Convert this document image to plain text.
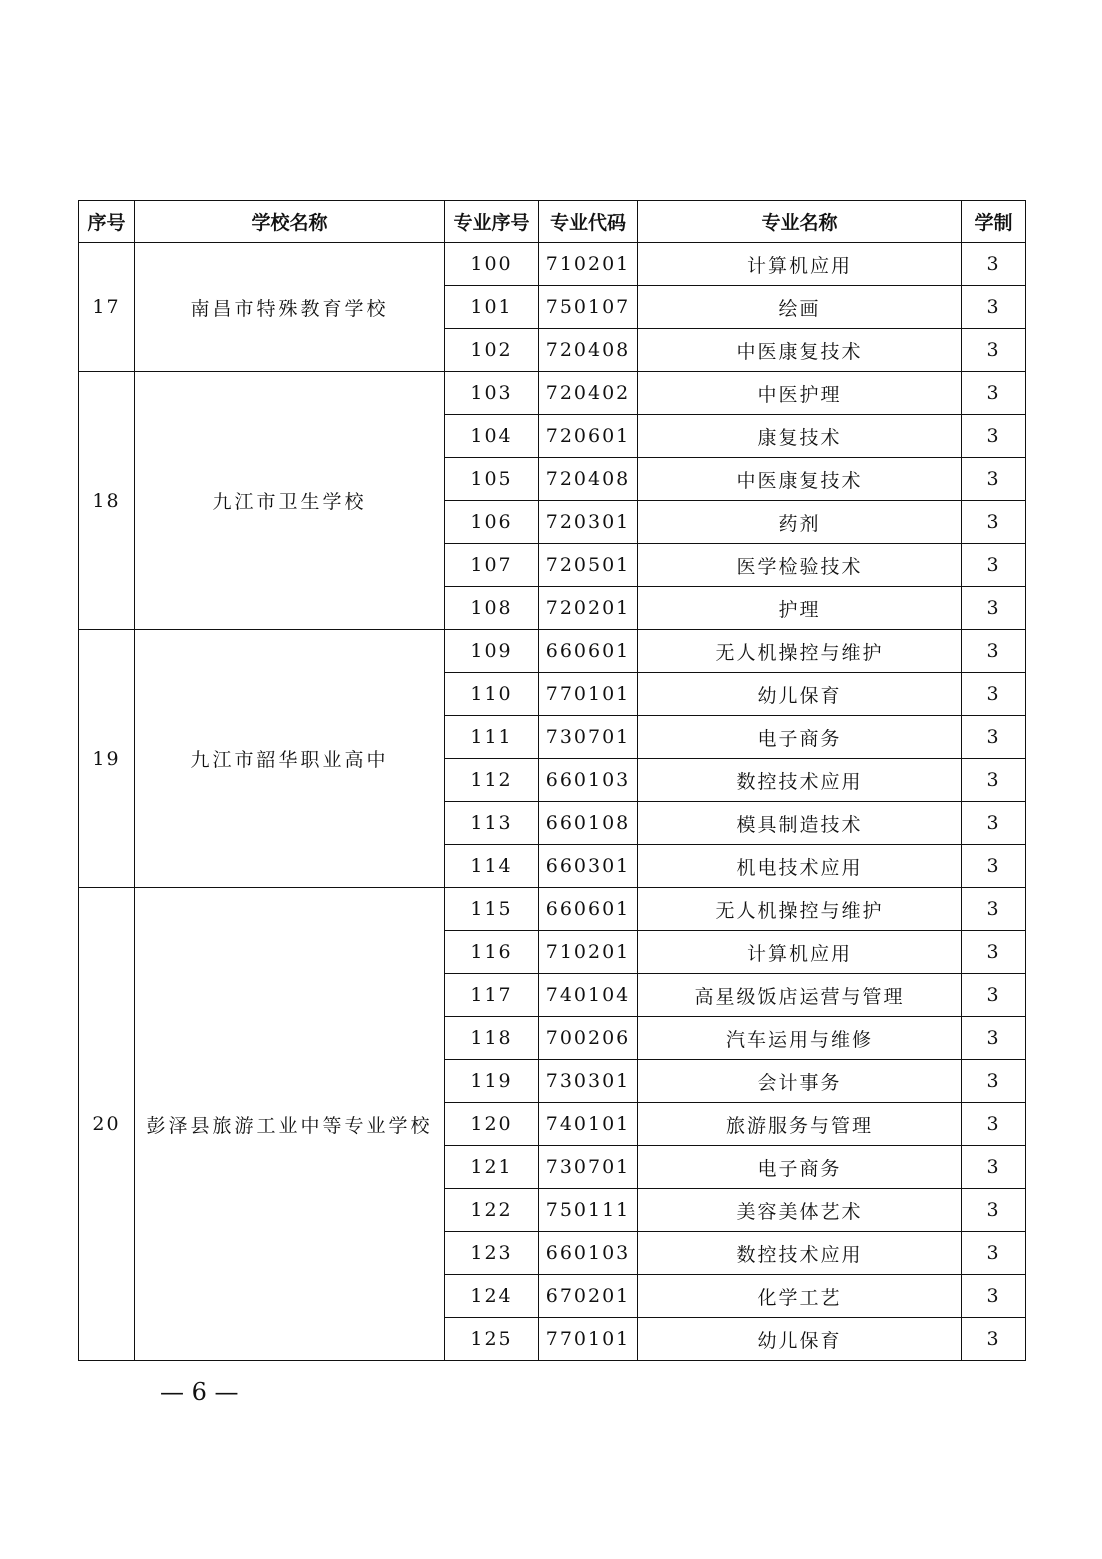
序号	学校名称	专业序号	专业代码	专业名称	学制
17	南昌市特殊教育学校	100	710201	计算机应用	3
		101	750107	绘画	3
		102	720408	中医康复技术	3
18	九江市卫生学校	103	720402	中医护理	3
		104	720601	康复技术	3
		105	720408	中医康复技术	3
		106	720301	药剂	3
		107	720501	医学检验技术	3
		108	720201	护理	3
19	九江市韶华职业高中	109	660601	无人机操控与维护	3
		110	770101	幼儿保育	3
		111	730701	电子商务	3
		112	660103	数控技术应用	3
		113	660108	模具制造技术	3
		114	660301	机电技术应用	3
20	彭泽县旅游工业中等专业学校	115	660601	无人机操控与维护	3
		116	710201	计算机应用	3
		117	740104	高星级饭店运营与管理	3
		118	700206	汽车运用与维修	3
		119	730301	会计事务	3
		120	740101	旅游服务与管理	3
		121	730701	电子商务	3
		122	750111	美容美体艺术	3
		123	660103	数控技术应用	3
		124	670201	化学工艺	3
		125	770101	幼儿保育	3
— 6 —
